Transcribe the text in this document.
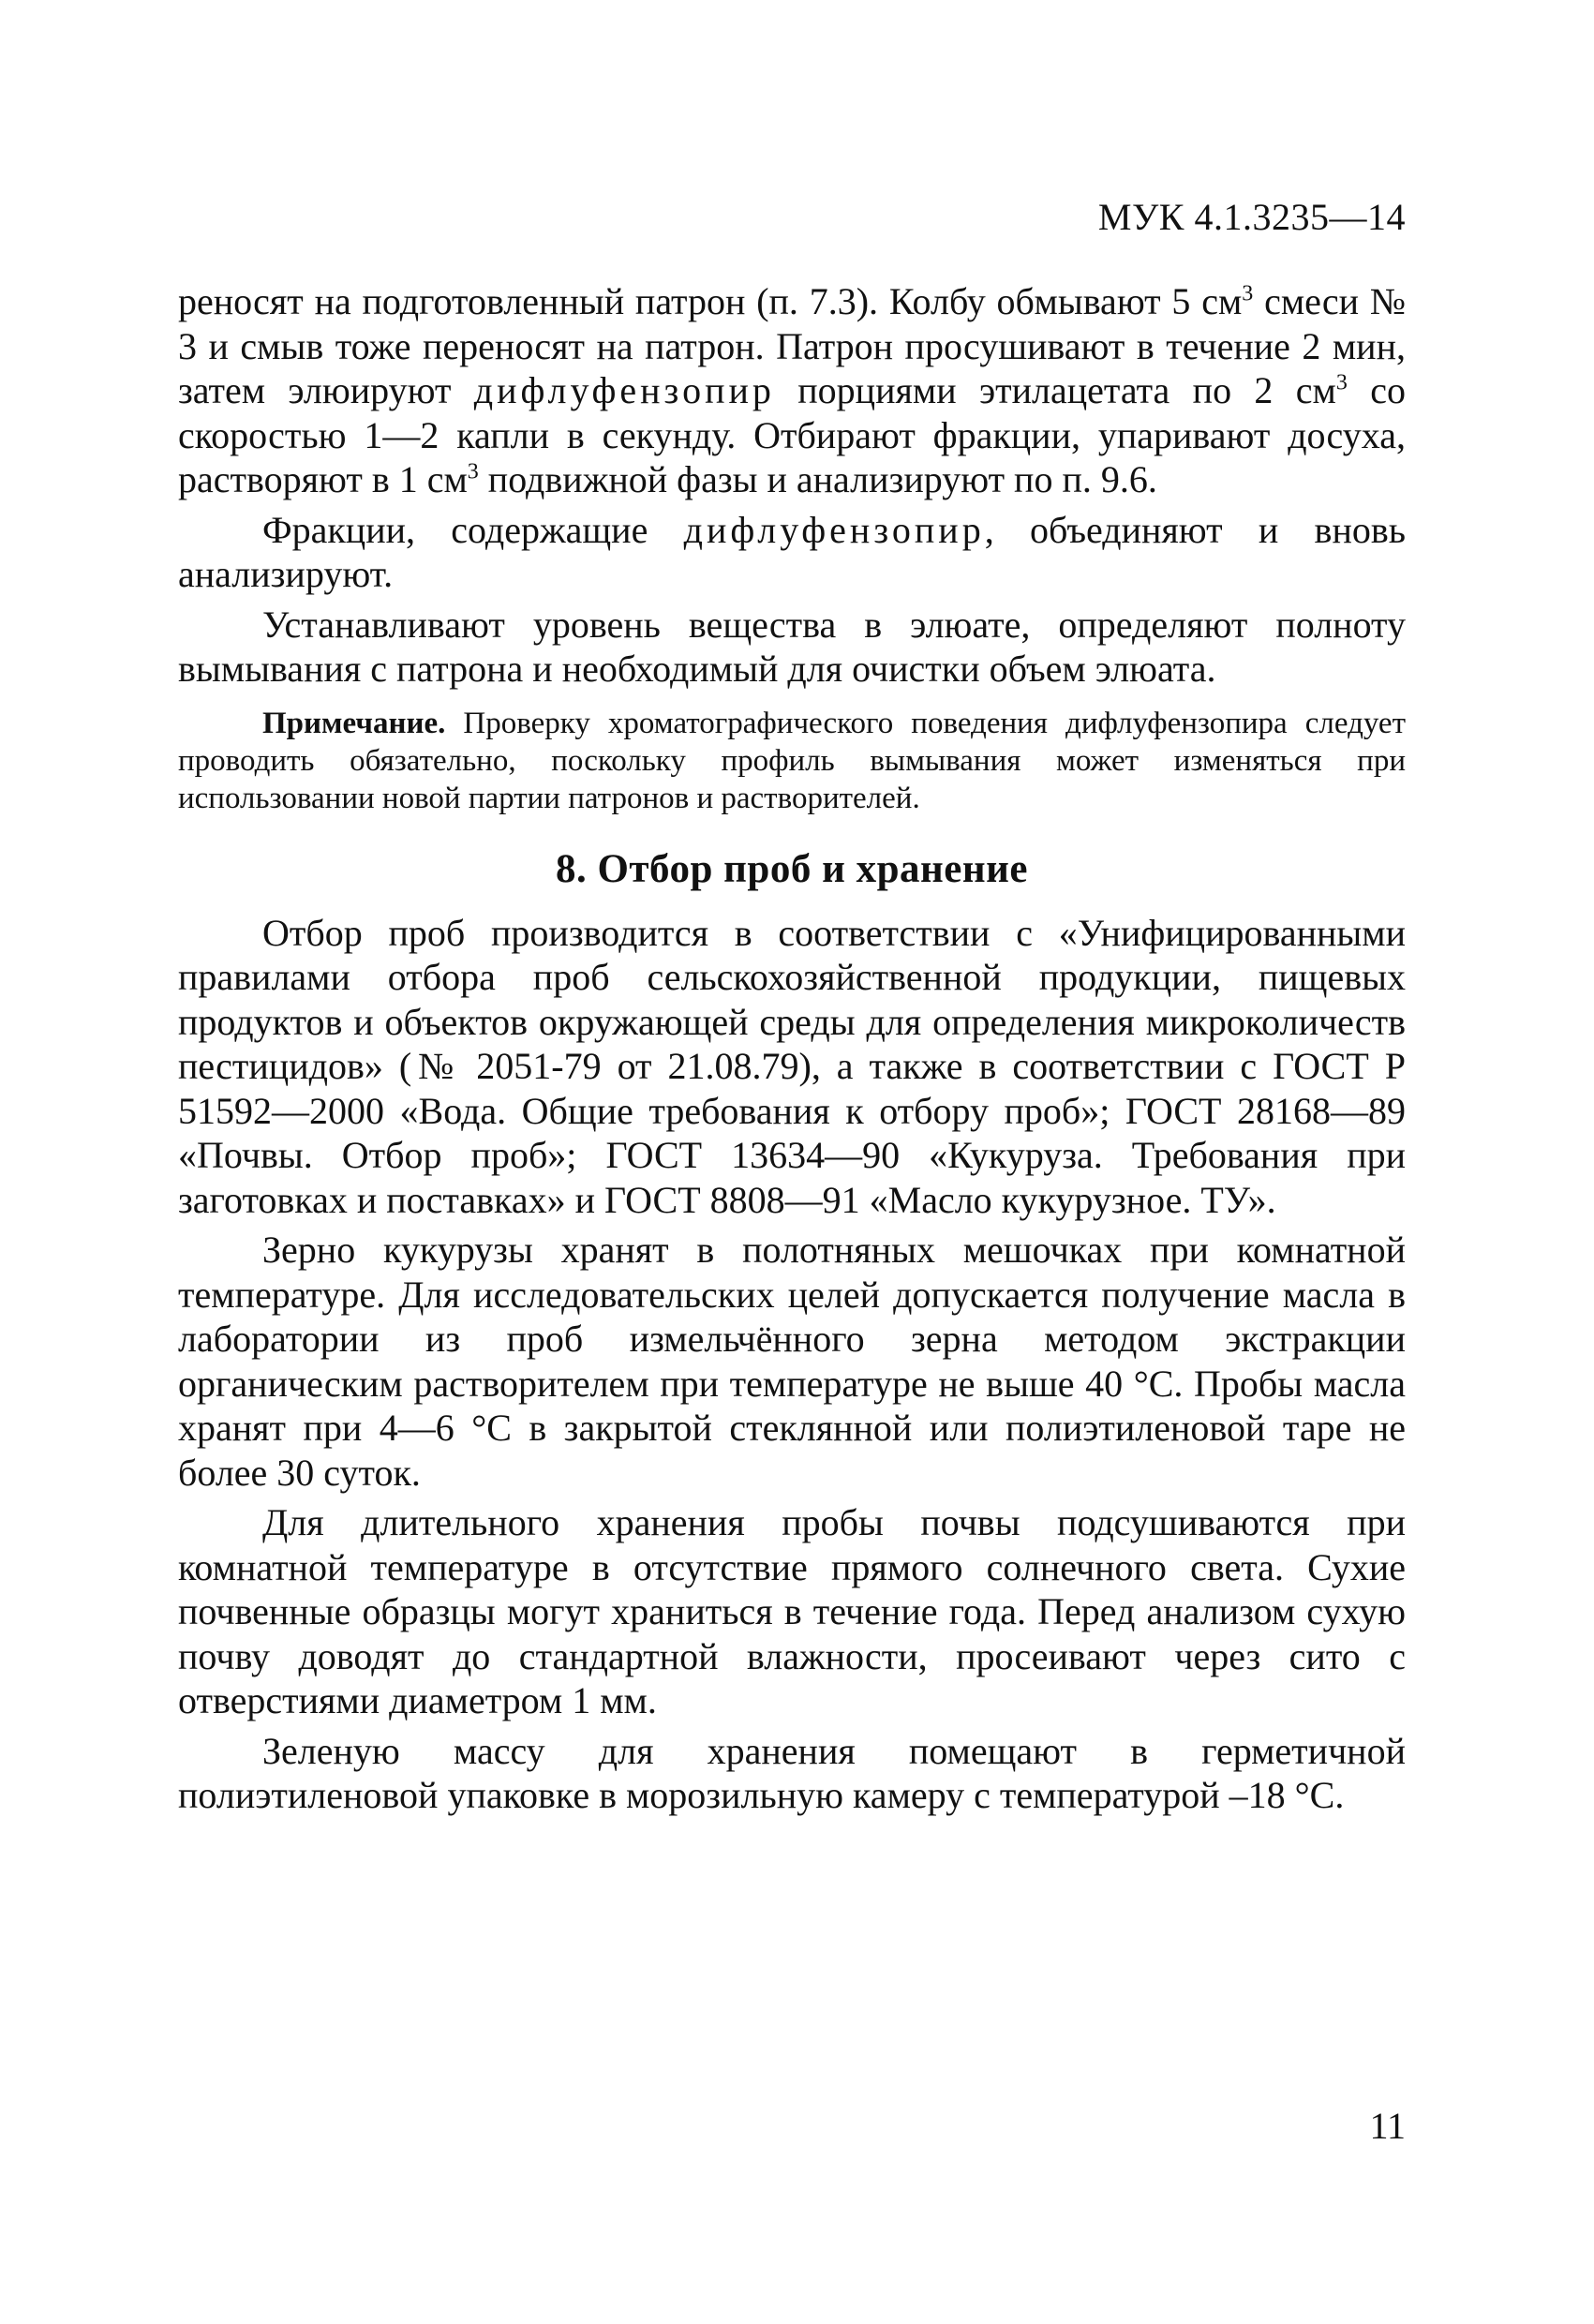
МУК 4.1.3235—14

реносят на подготовленный патрон (п. 7.3). Колбу обмывают 5 $см^3$ смеси № 3 и смыв тоже переносят на патрон. Патрон просушивают в течение 2 мин, затем элюируют дифлуфензопир порциями этилацетата по 2 $см^3$ со скоростью 1—2 капли в секунду. Отбирают фракции, упаривают досуха, растворяют в 1 $см^3$ подвижной фазы и анализируют по п. 9.6.

Фракции, содержащие дифлуфензопир, объединяют и вновь анализируют.

Устанавливают уровень вещества в элюате, определяют полноту вымывания с патрона и необходимый для очистки объем элюата.

Примечание. Проверку хроматографического поведения дифлуфензопира следует проводить обязательно, поскольку профиль вымывания может изменяться при использовании новой партии патронов и растворителей.
8. Отбор проб и хранение

Отбор проб производится в соответствии с «Унифицированными правилами отбора проб сельскохозяйственной продукции, пищевых продуктов и объектов окружающей среды для определения микроколичеств пестицидов» (№ 2051-79 от 21.08.79), а также в соответствии с ГОСТ Р 51592—2000 «Вода. Общие требования к отбору проб»; ГОСТ 28168—89 «Почвы. Отбор проб»; ГОСТ 13634—90 «Кукуруза. Требования при заготовках и поставках» и ГОСТ 8808—91 «Масло кукурузное. ТУ».

Зерно кукурузы хранят в полотняных мешочках при комнатной температуре. Для исследовательских целей допускается получение масла в лаборатории из проб измельчённого зерна методом экстракции органическим растворителем при температуре не выше 40 °С. Пробы масла хранят при 4—6 °С в закрытой стеклянной или полиэтиленовой таре не более 30 суток.

Для длительного хранения пробы почвы подсушиваются при комнатной температуре в отсутствие прямого солнечного света. Сухие почвенные образцы могут храниться в течение года. Перед анализом сухую почву доводят до стандартной влажности, просеивают через сито с отверстиями диаметром 1 мм.

Зеленую массу для хранения помещают в герметичной полиэтиленовой упаковке в морозильную камеру с температурой –18 °С.

11
